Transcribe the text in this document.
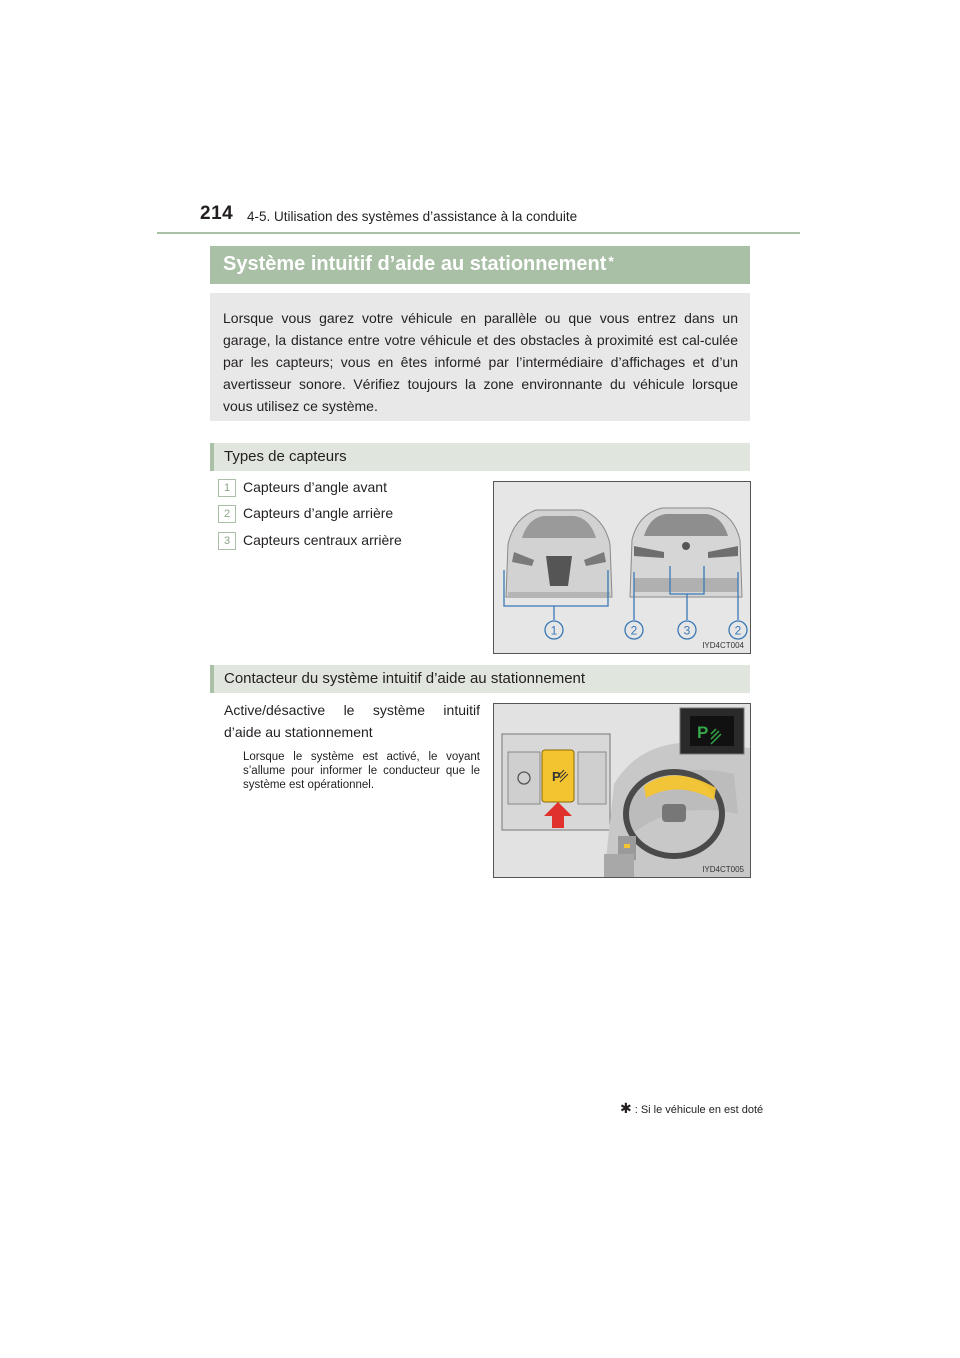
214 4-5. Utilisation des systèmes d’assistance à la conduite
Système intuitif d’aide au stationnement *
Lorsque vous garez votre véhicule en parallèle ou que vous entrez dans un garage, la distance entre votre véhicule et des obstacles à proximité est cal-culée par les capteurs; vous en êtes informé par l’intermédiaire d’affichages et d’un avertisseur sonore. Vérifiez toujours la zone environnante du véhicule lorsque vous utilisez ce système.
Types de capteurs
1 Capteurs d’angle avant
2 Capteurs d’angle arrière
3 Capteurs centraux arrière
1	2	3	2
IYD4CT004
Contacteur du système intuitif d’aide au stationnement
Active/désactive le système intuitif
d’aide au stationnement
Lorsque le système est activé, le voyant s’allume pour informer le conducteur que le système est opérationnel.
P
P
IYD4CT005
✱ : Si le véhicule en est doté
